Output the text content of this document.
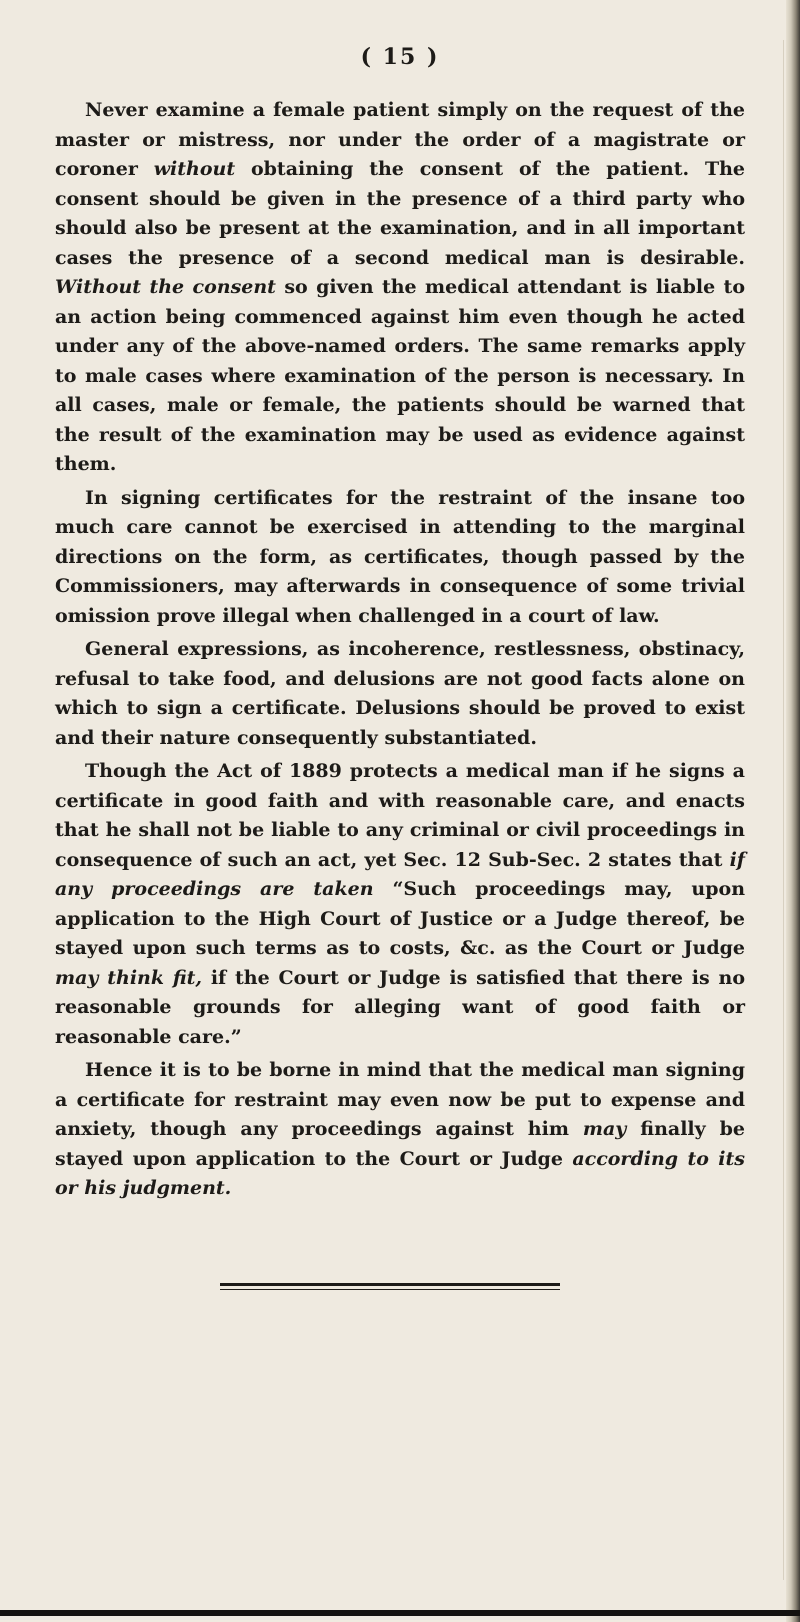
( 15 )

Never examine a female patient simply on the request of the master or mistress, nor under the order of a magistrate or coroner without obtaining the consent of the patient. The consent should be given in the presence of a third party who should also be present at the examination, and in all important cases the presence of a second medical man is desirable. Without the consent so given the medical attendant is liable to an action being commenced against him even though he acted under any of the above-named orders. The same remarks apply to male cases where examination of the person is necessary. In all cases, male or female, the patients should be warned that the result of the examination may be used as evidence against them.

In signing certificates for the restraint of the insane too much care cannot be exercised in attending to the marginal directions on the form, as certificates, though passed by the Commissioners, may afterwards in consequence of some trivial omission prove illegal when challenged in a court of law.

General expressions, as incoherence, restlessness, obstinacy, refusal to take food, and delusions are not good facts alone on which to sign a certificate. Delusions should be proved to exist and their nature consequently substantiated.

Though the Act of 1889 protects a medical man if he signs a certificate in good faith and with reasonable care, and enacts that he shall not be liable to any criminal or civil proceedings in consequence of such an act, yet Sec. 12 Sub-Sec. 2 states that if any proceedings are taken “Such proceedings may, upon application to the High Court of Justice or a Judge thereof, be stayed upon such terms as to costs, &c. as the Court or Judge may think fit, if the Court or Judge is satisfied that there is no reasonable grounds for alleging want of good faith or reasonable care.”

Hence it is to be borne in mind that the medical man signing a certificate for restraint may even now be put to expense and anxiety, though any proceedings against him may finally be stayed upon application to the Court or Judge according to its or his judgment.
